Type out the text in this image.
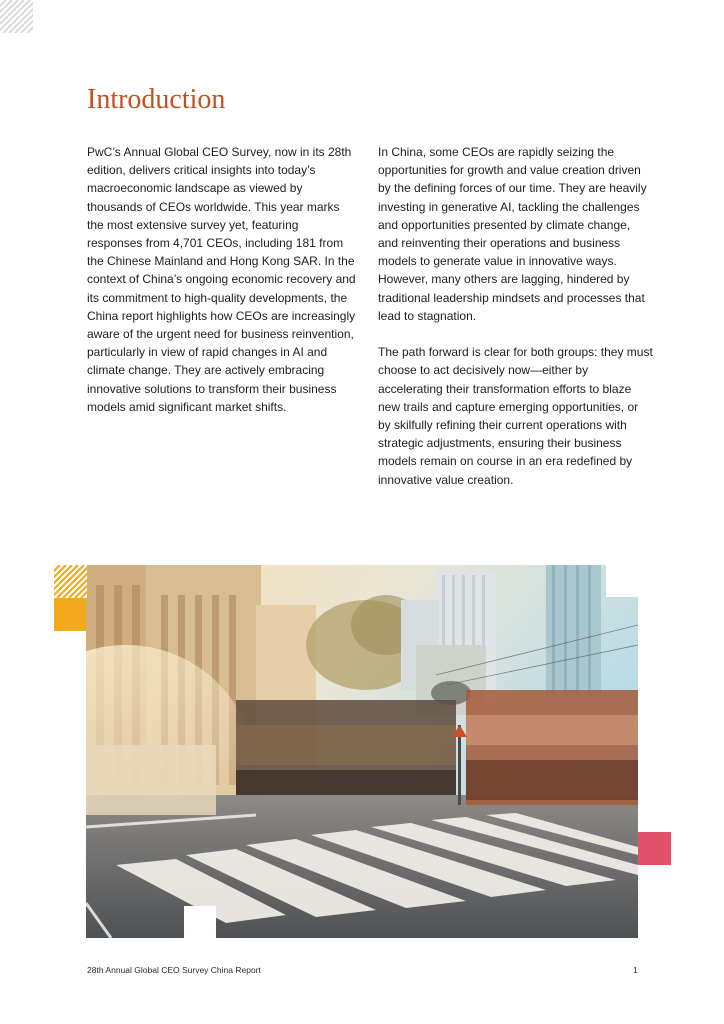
Introduction

PwC’s Annual Global CEO Survey, now in its 28th edition, delivers critical insights into today’s macroeconomic landscape as viewed by thousands of CEOs worldwide. This year marks the most extensive survey yet, featuring responses from 4,701 CEOs, including 181 from the Chinese Mainland and Hong Kong SAR. In the context of China’s ongoing economic recovery and its commitment to high-quality developments, the China report highlights how CEOs are increasingly aware of the urgent need for business reinvention, particularly in view of rapid changes in AI and climate change. They are actively embracing innovative solutions to transform their business models amid significant market shifts.

In China, some CEOs are rapidly seizing the opportunities for growth and value creation driven by the defining forces of our time. They are heavily investing in generative AI, tackling the challenges and opportunities presented by climate change, and reinventing their operations and business models to generate value in innovative ways. However, many others are lagging, hindered by traditional leadership mindsets and processes that lead to stagnation.

The path forward is clear for both groups: they must choose to act decisively now—either by accelerating their transformation efforts to blaze new trails and capture emerging opportunities, or by skilfully refining their current operations with strategic adjustments, ensuring their business models remain on course in an era redefined by innovative value creation.

28th Annual Global CEO Survey China Report	1
